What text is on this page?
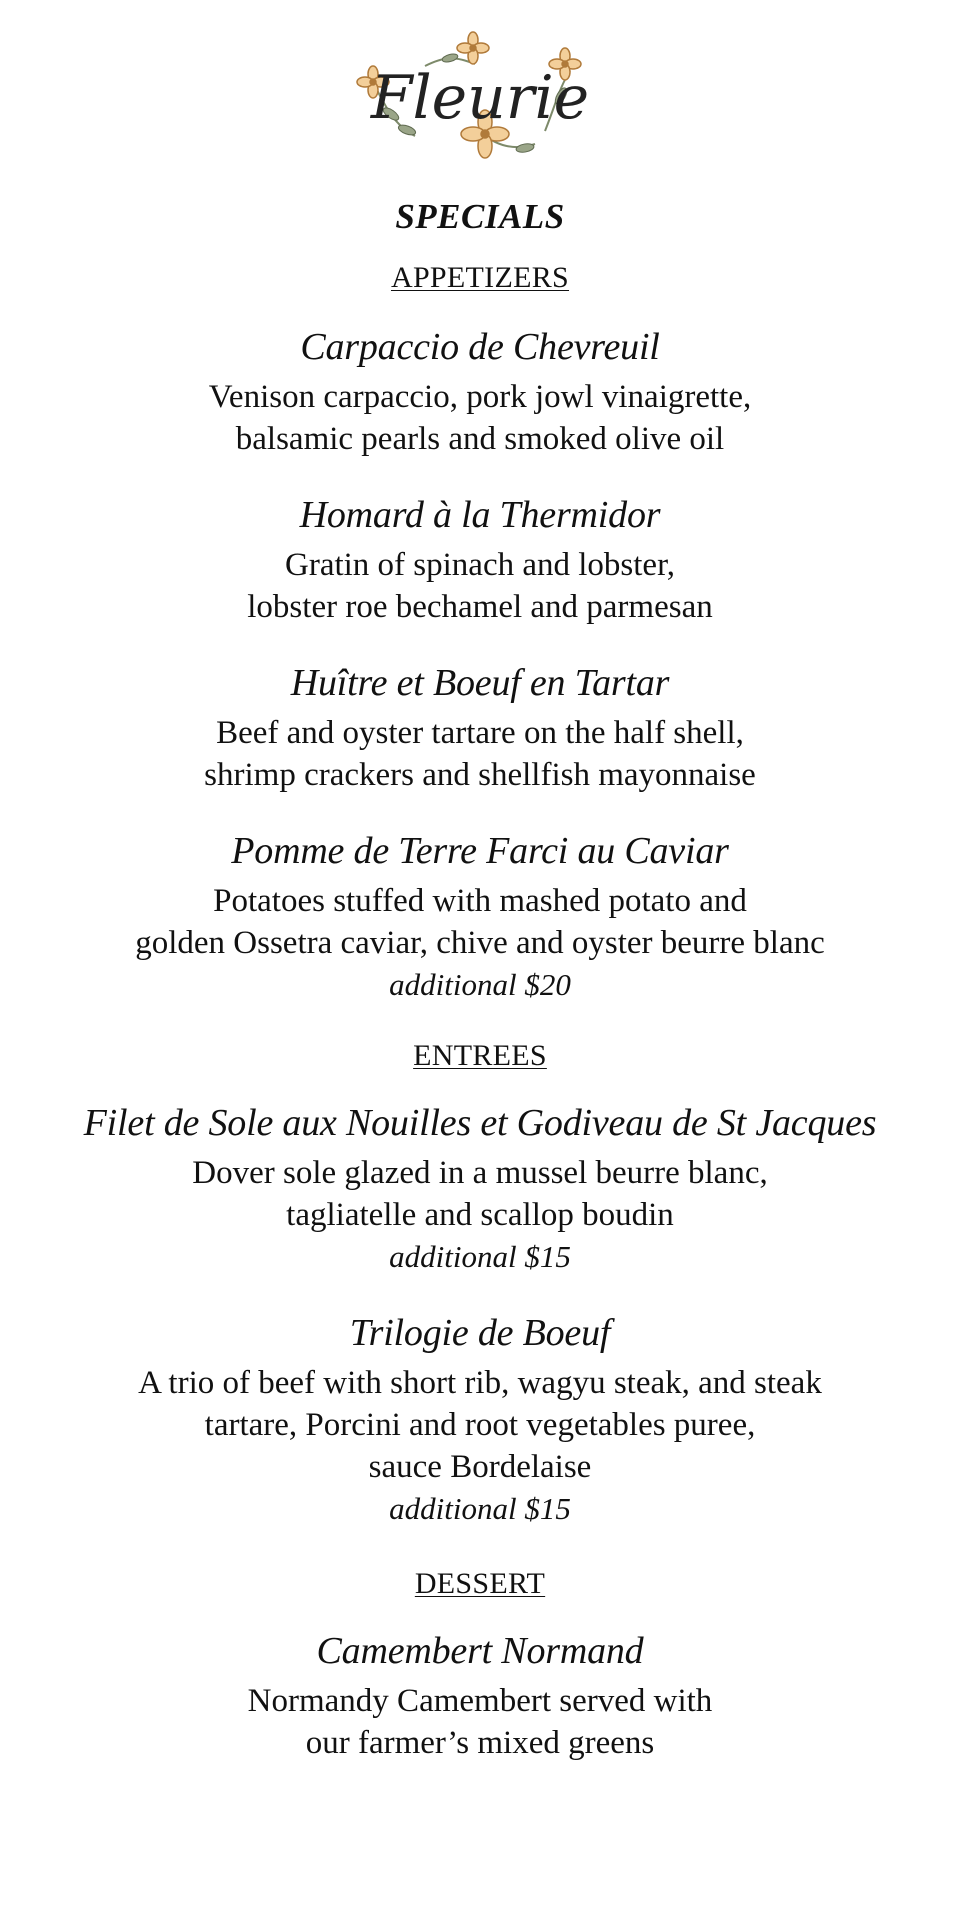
Fleurie
SPECIALS
APPETIZERS
Carpaccio de Chevreuil
Venison carpaccio, pork jowl vinaigrette,
balsamic pearls and smoked olive oil
Homard à la Thermidor
Gratin of spinach and lobster,
lobster roe bechamel and parmesan
Huître et Boeuf en Tartar
Beef and oyster tartare on the half shell,
shrimp crackers and shellfish mayonnaise
Pomme de Terre Farci au Caviar
Potatoes stuffed with mashed potato and
golden Ossetra caviar, chive and oyster beurre blanc
additional $20
ENTREES
Filet de Sole aux Nouilles et Godiveau de St Jacques
Dover sole glazed in a mussel beurre blanc,
tagliatelle and scallop boudin
additional $15
Trilogie de Boeuf
A trio of beef with short rib, wagyu steak, and steak
tartare, Porcini and root vegetables puree,
sauce Bordelaise
additional $15
DESSERT
Camembert Normand
Normandy Camembert served with
our farmer’s mixed greens
